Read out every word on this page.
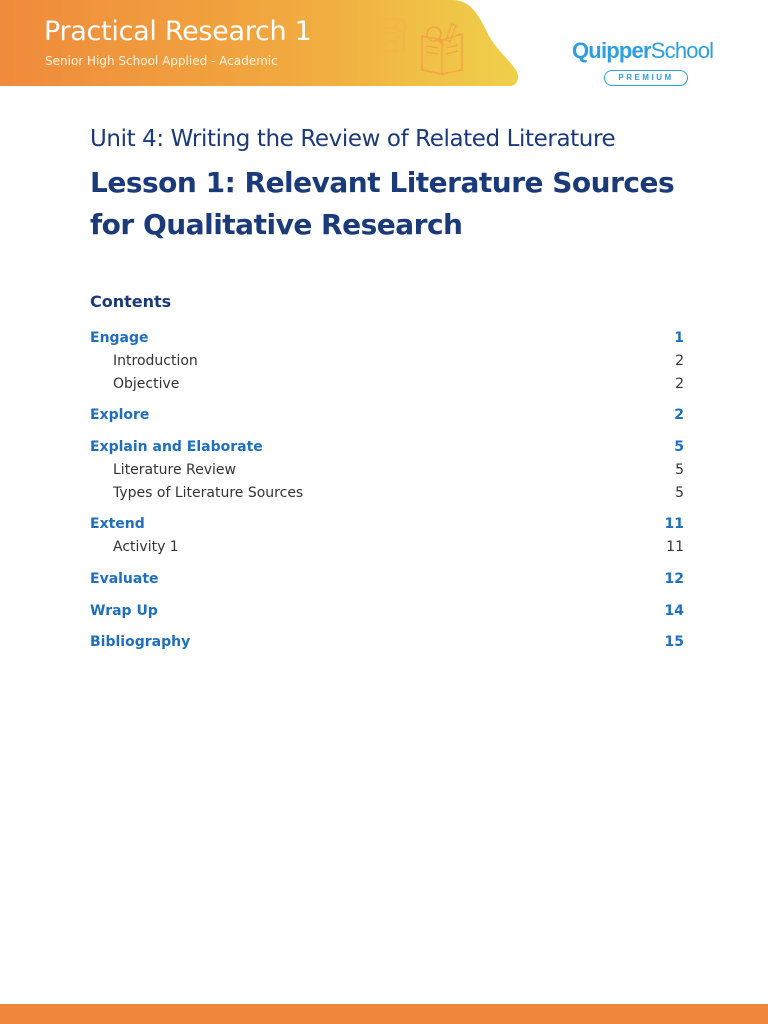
Practical Research 1
Senior High School Applied - Academic	QuipperSchool
PREMIUM
Unit 4: Writing the Review of Related Literature
Lesson 1: Relevant Literature Sources for Qualitative Research
Contents
Engage	1
Introduction	2
Objective	2
Explore	2
Explain and Elaborate	5
Literature Review	5
Types of Literature Sources	5
Extend	11
Activity 1	11
Evaluate	12
Wrap Up	14
Bibliography	15
